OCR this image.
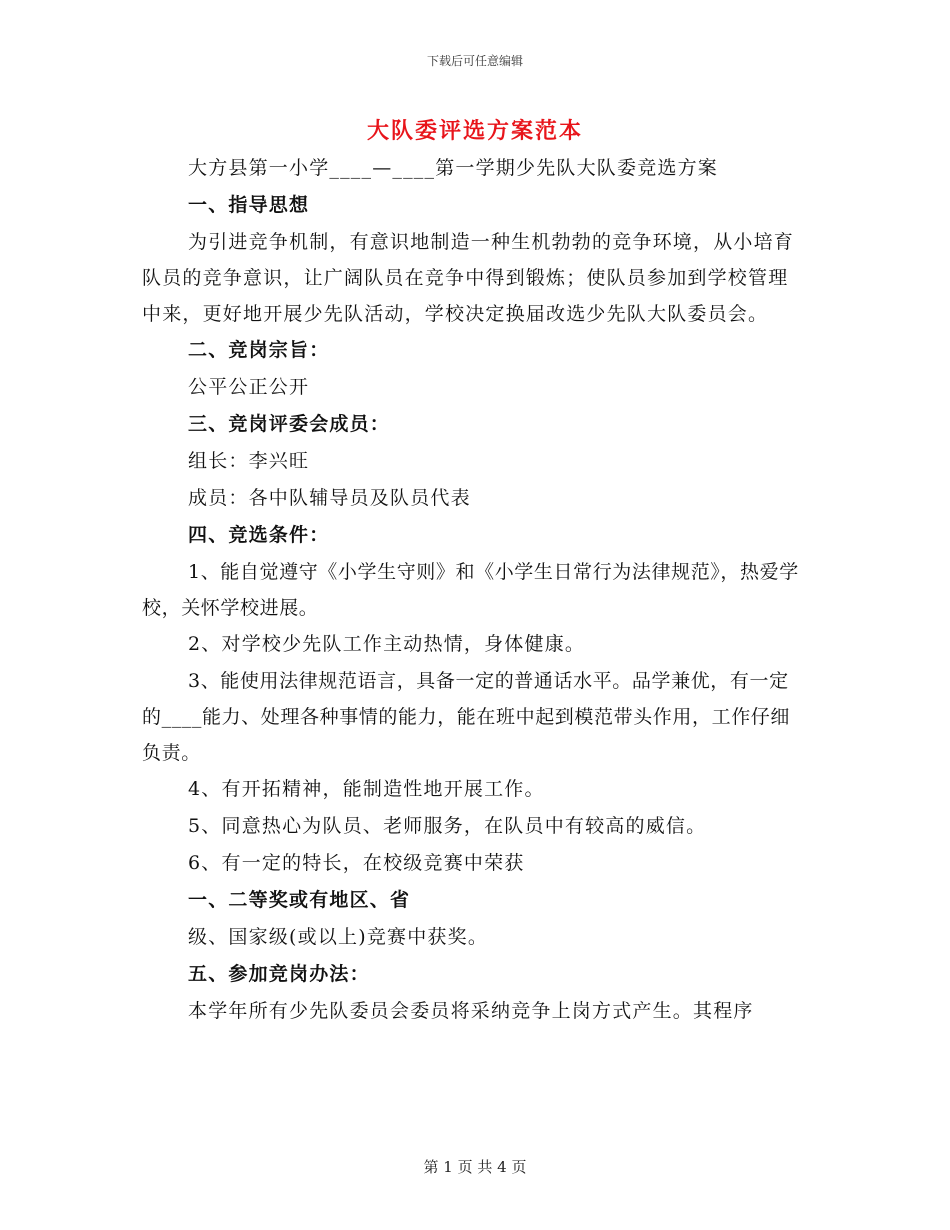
下载后可任意编辑
大队委评选方案范本

大方县第一小学____—____第一学期少先队大队委竞选方案

一、指导思想

为引进竞争机制，有意识地制造一种生机勃勃的竞争环境，从小培育队员的竞争意识，让广阔队员在竞争中得到锻炼；使队员参加到学校管理中来，更好地开展少先队活动，学校决定换届改选少先队大队委员会。

二、竞岗宗旨：

公平公正公开

三、竞岗评委会成员：

组长：李兴旺

成员：各中队辅导员及队员代表

四、竞选条件：

1、能自觉遵守《小学生守则》和《小学生日常行为法律规范》，热爱学校，关怀学校进展。

2、对学校少先队工作主动热情，身体健康。

3、能使用法律规范语言，具备一定的普通话水平。品学兼优，有一定的____能力、处理各种事情的能力，能在班中起到模范带头作用，工作仔细负责。

4、有开拓精神，能制造性地开展工作。

5、同意热心为队员、老师服务，在队员中有较高的威信。

6、有一定的特长，在校级竞赛中荣获

一、二等奖或有地区、省

级、国家级(或以上)竞赛中获奖。

五、参加竞岗办法：

本学年所有少先队委员会委员将采纳竞争上岗方式产生。其程序

第 1 页 共 4 页
